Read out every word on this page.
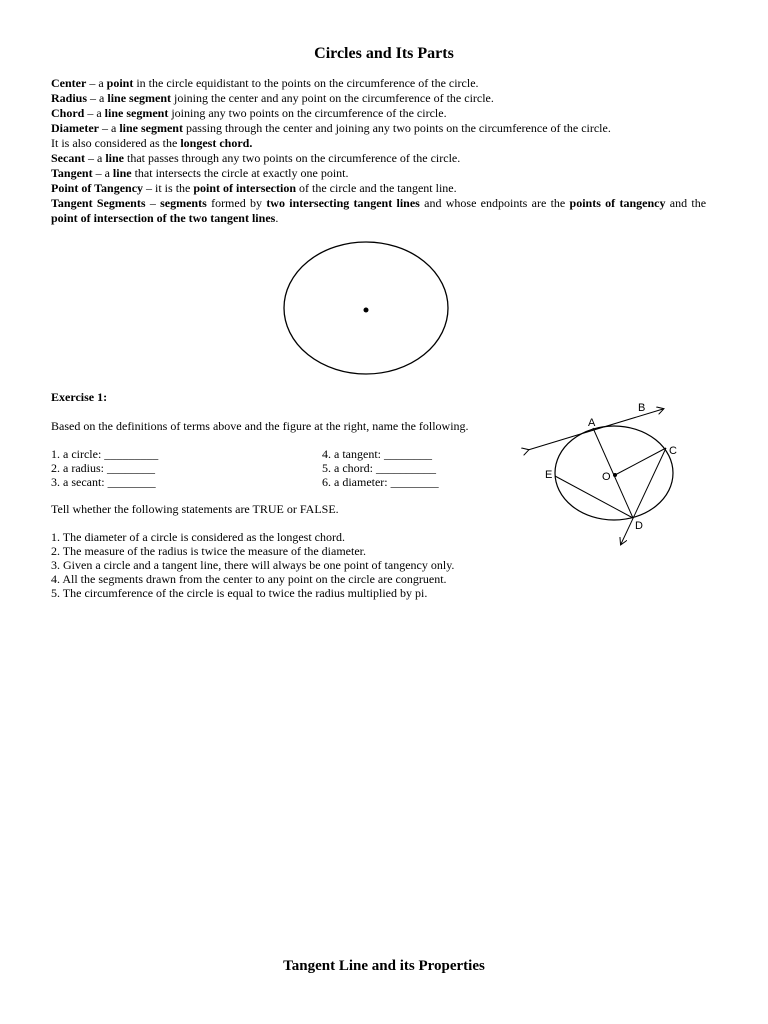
Circles and Its Parts

Center – a point in the circle equidistant to the points on the circumference of the circle.

Radius – a line segment joining the center and any point on the circumference of the circle.

Chord – a line segment joining any two points on the circumference of the circle.

Diameter – a line segment passing through the center and joining any two points on the circumference of the circle.
It is also considered as the longest chord.

Secant – a line that passes through any two points on the circumference of the circle.

Tangent – a line that intersects the circle at exactly one point.

Point of Tangency – it is the point of intersection of the circle and the tangent line.

Tangent Segments – segments formed by two intersecting tangent lines and whose endpoints are the points of tangency and the point of intersection of the two tangent lines.

Exercise 1:
Based on the definitions of terms above and the figure at the right, name the following.
1. a circle: _________
2. a radius: ________
3. a secant: ________
4. a tangent: ________
5. a chord: __________
6. a diameter: ________
Tell whether the following statements are TRUE or FALSE.
1. The diameter of a circle is considered as the longest chord.
2. The measure of the radius is twice the measure of the diameter.
3. Given a circle and a tangent line, there will always be one point of tangency only.
4. All the segments drawn from the center to any point on the circle are congruent.
5. The circumference of the circle is equal to twice the radius multiplied by pi.
A
B
C
D
E	O
Tangent Line and its Properties
